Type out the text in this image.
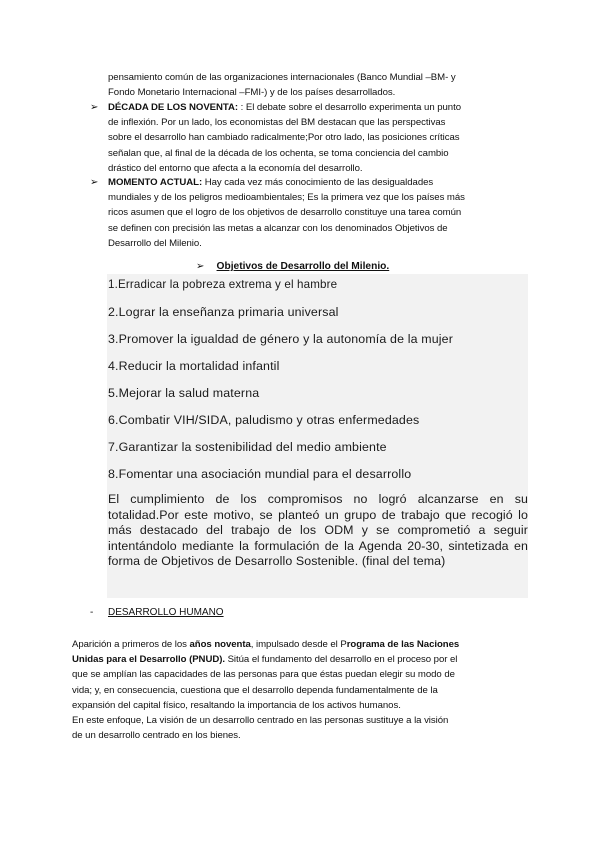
pensamiento común de las organizaciones internacionales (Banco Mundial –BM- y
Fondo Monetario Internacional –FMI-) y de los países desarrollados.
➢ DÉCADA DE LOS NOVENTA: : El debate sobre el desarrollo experimenta un punto
de inflexión. Por un lado, los economistas del BM destacan que las perspectivas
sobre el desarrollo han cambiado radicalmente;Por otro lado, las posiciones críticas
señalan que, al final de la década de los ochenta, se toma conciencia del cambio
drástico del entorno que afecta a la economía del desarrollo.
➢ MOMENTO ACTUAL: Hay cada vez más conocimiento de las desigualdades
mundiales y de los peligros medioambientales; Es la primera vez que los países más
ricos asumen que el logro de los objetivos de desarrollo constituye una tarea común
se definen con precisión las metas a alcanzar con los denominados Objetivos de
Desarrollo del Milenio.
➢ Objetivos de Desarrollo del Milenio.
1.Erradicar la pobreza extrema y el hambre
2.Lograr la enseñanza primaria universal
3.Promover la igualdad de género y la autonomía de la mujer
4.Reducir la mortalidad infantil
5.Mejorar la salud materna
6.Combatir VIH/SIDA, paludismo y otras enfermedades
7.Garantizar la sostenibilidad del medio ambiente
8.Fomentar una asociación mundial para el desarrollo
El cumplimiento de los compromisos no logró alcanzarse en su totalidad.Por este motivo, se planteó un grupo de trabajo que recogió lo más destacado del trabajo de los ODM y se comprometió a seguir intentándolo mediante la formulación de la Agenda 20-30, sintetizada en forma de Objetivos de Desarrollo Sostenible. (final del tema)
- DESARROLLO HUMANO
Aparición a primeros de los años noventa, impulsado desde el Programa de las Naciones
Unidas para el Desarrollo (PNUD). Sitúa el fundamento del desarrollo en el proceso por el
que se amplían las capacidades de las personas para que éstas puedan elegir su modo de
vida; y, en consecuencia, cuestiona que el desarrollo dependa fundamentalmente de la
expansión del capital físico, resaltando la importancia de los activos humanos.
En este enfoque, La visión de un desarrollo centrado en las personas sustituye a la visión
de un desarrollo centrado en los bienes.
